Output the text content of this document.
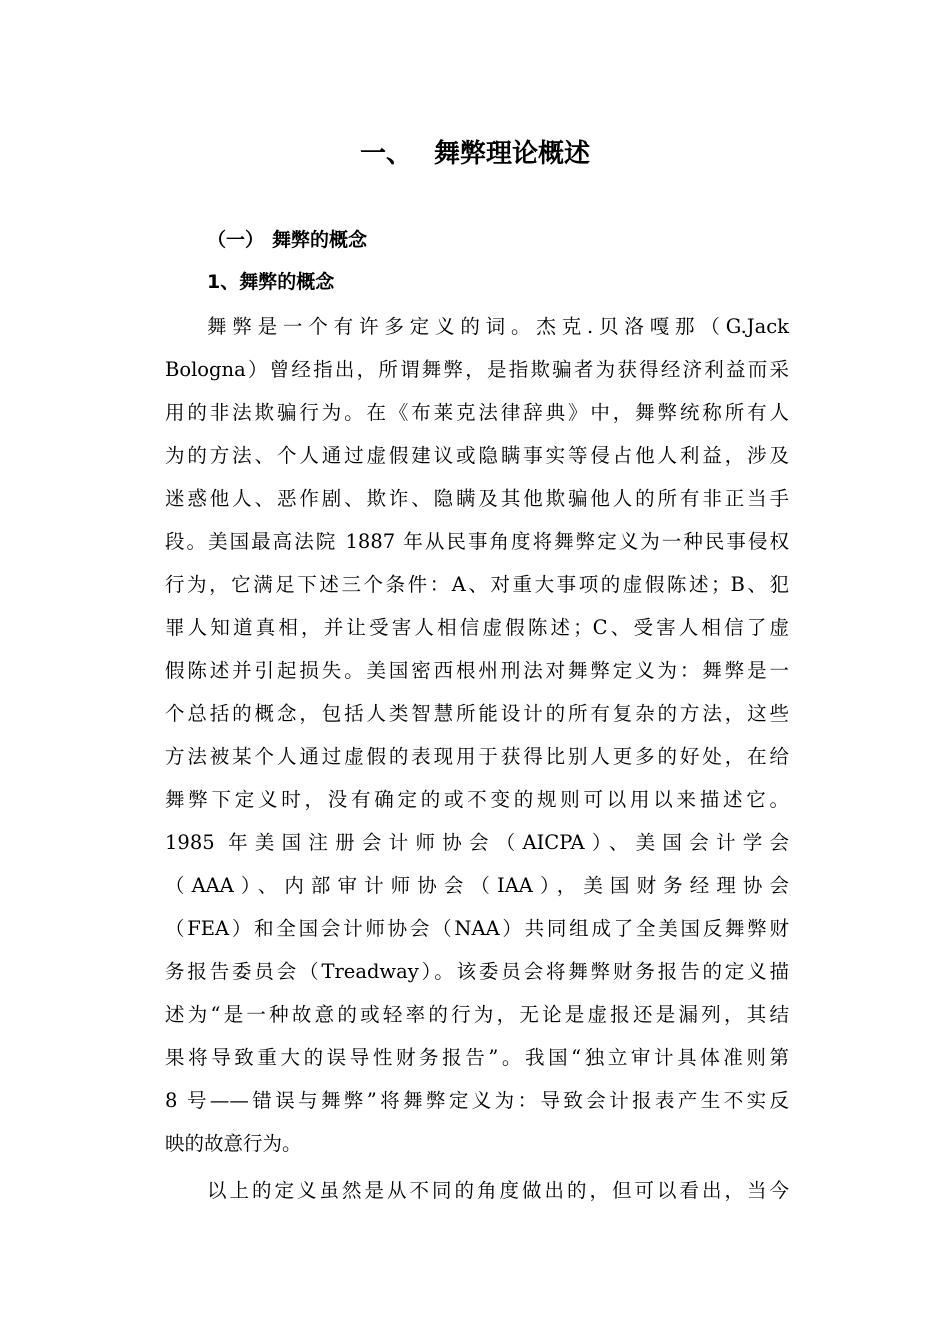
一、 舞弊理论概述
（一） 舞弊的概念
1、舞弊的概念
舞弊是一个有许多定义的词。杰克.贝洛嘎那（G.Jack
Bologna）曾经指出，所谓舞弊，是指欺骗者为获得经济利益而采
用的非法欺骗行为。在《布莱克法律辞典》中，舞弊统称所有人
为的方法、个人通过虚假建议或隐瞒事实等侵占他人利益，涉及
迷惑他人、恶作剧、欺诈、隐瞒及其他欺骗他人的所有非正当手
段。美国最高法院 1887 年从民事角度将舞弊定义为一种民事侵权
行为，它满足下述三个条件：A、对重大事项的虚假陈述；B、犯
罪人知道真相，并让受害人相信虚假陈述；C、受害人相信了虚
假陈述并引起损失。美国密西根州刑法对舞弊定义为：舞弊是一
个总括的概念，包括人类智慧所能设计的所有复杂的方法，这些
方法被某个人通过虚假的表现用于获得比别人更多的好处，在给
舞弊下定义时，没有确定的或不变的规则可以用以来描述它。
1985 年美国注册会计师协会（AICPA）、美国会计学会
（AAA）、内部审计师协会（IAA），美国财务经理协会
（FEA）和全国会计师协会（NAA）共同组成了全美国反舞弊财
务报告委员会（Treadway）。该委员会将舞弊财务报告的定义描
述为“是一种故意的或轻率的行为，无论是虚报还是漏列，其结
果将导致重大的误导性财务报告”。我国“独立审计具体准则第
8 号——错误与舞弊”将舞弊定义为：导致会计报表产生不实反
映的故意行为。
以上的定义虽然是从不同的角度做出的，但可以看出，当今
